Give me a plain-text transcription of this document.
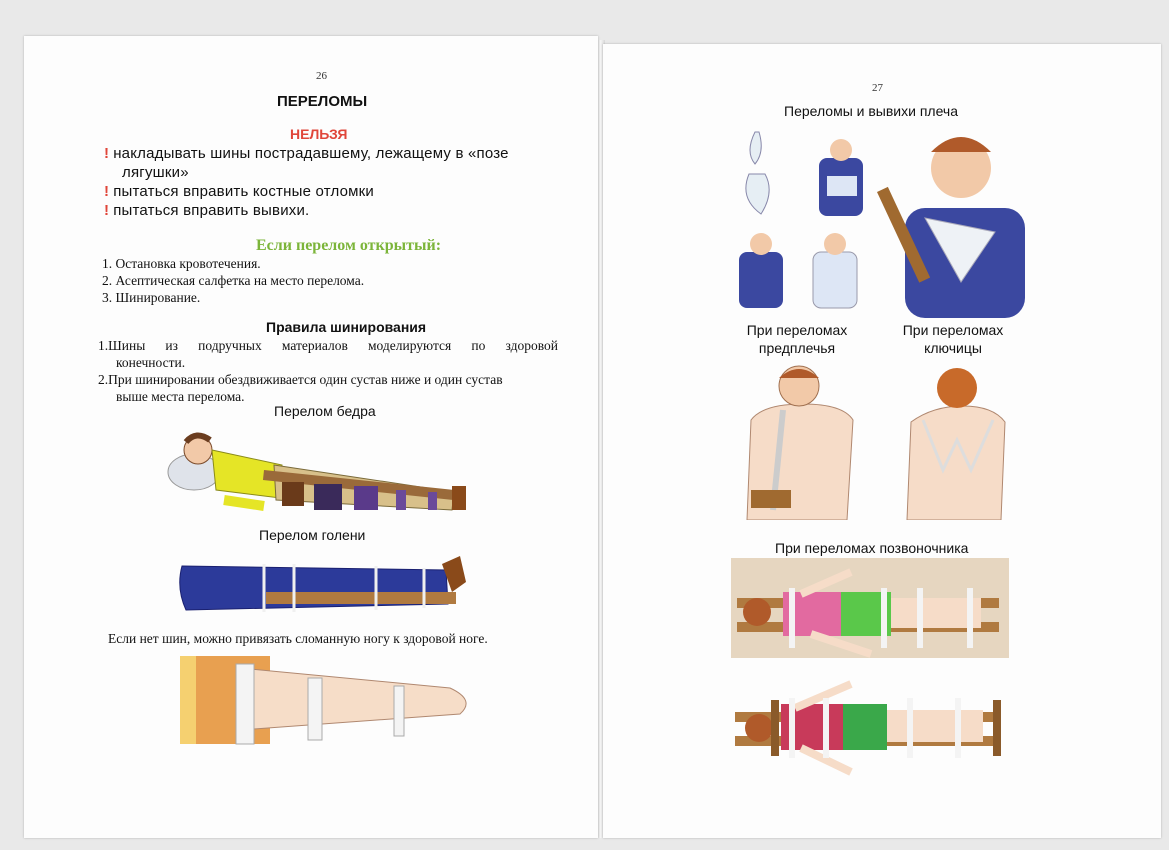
26
ПЕРЕЛОМЫ
НЕЛЬЗЯ
! накладывать шины пострадавшему, лежащему в «позе
лягушки»
! пытаться вправить костные отломки
! пытаться вправить вывихи.
Если перелом открытый:
1. Остановка кровотечения.
2. Асептическая салфетка на место перелома.
3. Шинирование.
Правила шинирования
1.Шины из подручных материалов моделируются по здоровой
конечности.
2.При шинировании обездвиживается один сустав ниже и один сустав
выше места перелома.
Перелом бедра
Перелом голени
Если нет шин, можно привязать сломанную ногу к здоровой ноге.
27
Переломы и вывихи плеча
При переломах
предплечья
При переломах
ключицы
При переломах позвоночника
